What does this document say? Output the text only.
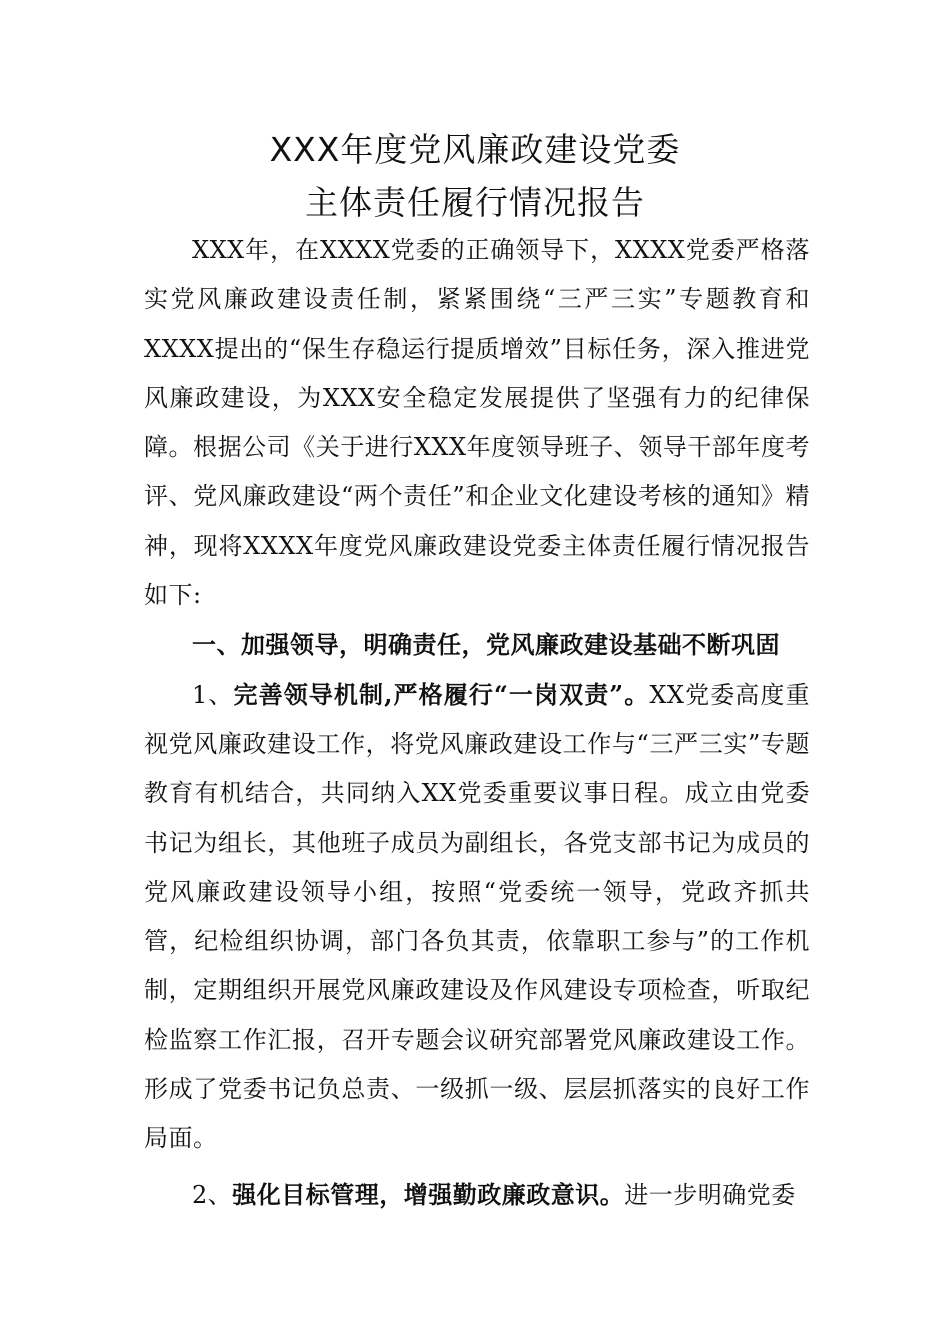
XXX年度党风廉政建设党委
主体责任履行情况报告

XXX年，在XXXX党委的正确领导下，XXXX党委严格落实党风廉政建设责任制，紧紧围绕“三严三实”专题教育和XXXX提出的“保生存稳运行提质增效”目标任务，深入推进党风廉政建设，为XXX安全稳定发展提供了坚强有力的纪律保障。根据公司《关于进行XXX年度领导班子、领导干部年度考评、党风廉政建设“两个责任”和企业文化建设考核的通知》精神，现将XXXX年度党风廉政建设党委主体责任履行情况报告如下:

一、加强领导，明确责任，党风廉政建设基础不断巩固

1、完善领导机制,严格履行“一岗双责”。XX党委高度重视党风廉政建设工作，将党风廉政建设工作与“三严三实”专题教育有机结合，共同纳入XX党委重要议事日程。成立由党委书记为组长，其他班子成员为副组长，各党支部书记为成员的党风廉政建设领导小组，按照“党委统一领导，党政齐抓共管，纪检组织协调，部门各负其责，依靠职工参与”的工作机制，定期组织开展党风廉政建设及作风建设专项检查，听取纪检监察工作汇报，召开专题会议研究部署党风廉政建设工作。形成了党委书记负总责、一级抓一级、层层抓落实的良好工作局面。

2、强化目标管理，增强勤政廉政意识。进一步明确党委
